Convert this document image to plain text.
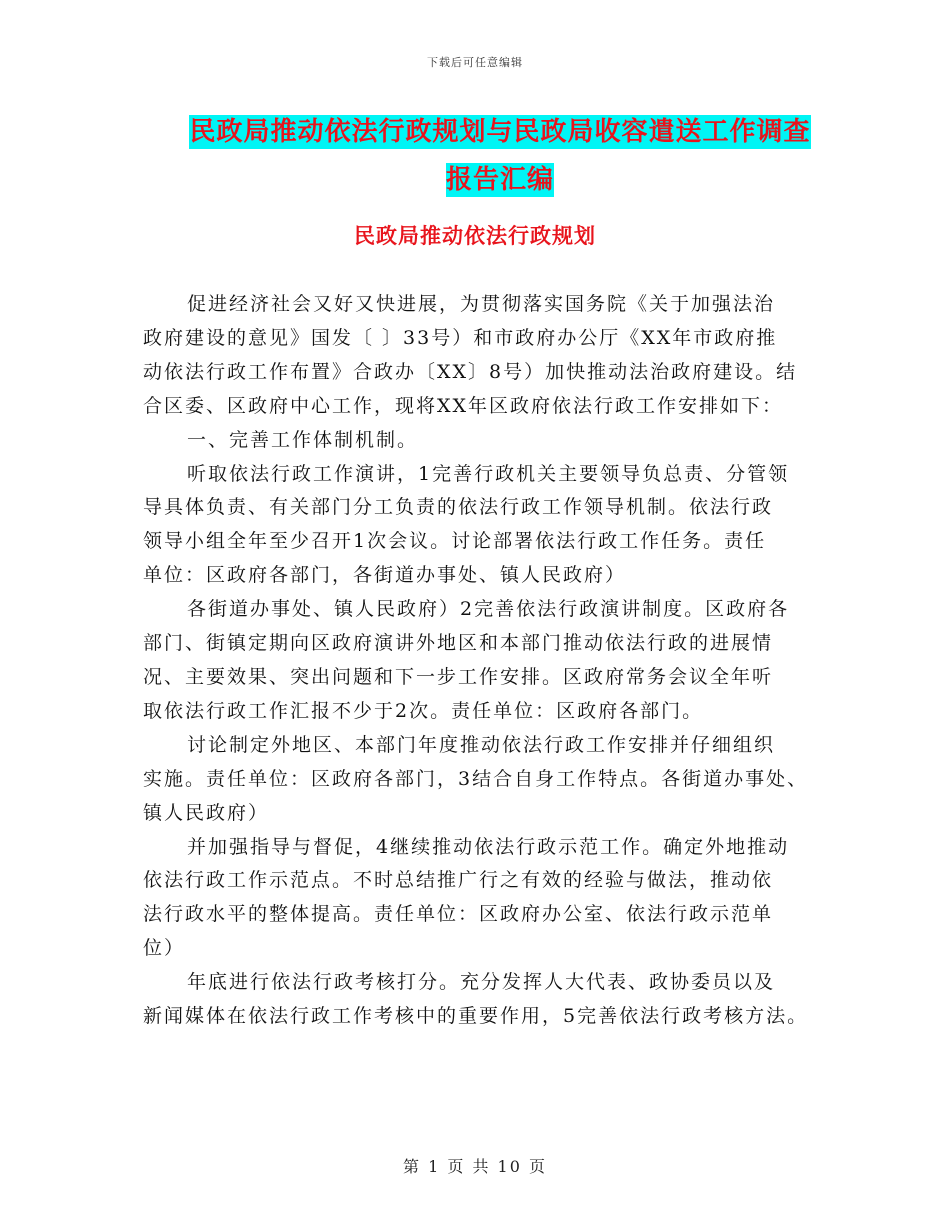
下载后可任意编辑
民政局推动依法行政规划与民政局收容遣送工作调查
报告汇编
民政局推动依法行政规划
促进经济社会又好又快进展，为贯彻落实国务院《关于加强法治
政府建设的意见》国发〔 〕33号）和市政府办公厅《XX年市政府推
动依法行政工作布置》合政办〔XX〕8号）加快推动法治政府建设。结
合区委、区政府中心工作，现将XX年区政府依法行政工作安排如下：
一、完善工作体制机制。
听取依法行政工作演讲，1完善行政机关主要领导负总责、分管领
导具体负责、有关部门分工负责的依法行政工作领导机制。依法行政
领导小组全年至少召开1次会议。讨论部署依法行政工作任务。责任
单位：区政府各部门，各街道办事处、镇人民政府）
各街道办事处、镇人民政府）2完善依法行政演讲制度。区政府各
部门、街镇定期向区政府演讲外地区和本部门推动依法行政的进展情
况、主要效果、突出问题和下一步工作安排。区政府常务会议全年听
取依法行政工作汇报不少于2次。责任单位：区政府各部门。
讨论制定外地区、本部门年度推动依法行政工作安排并仔细组织
实施。责任单位：区政府各部门，3结合自身工作特点。各街道办事处、
镇人民政府）
并加强指导与督促，4继续推动依法行政示范工作。确定外地推动
依法行政工作示范点。不时总结推广行之有效的经验与做法，推动依
法行政水平的整体提高。责任单位：区政府办公室、依法行政示范单
位）
年底进行依法行政考核打分。充分发挥人大代表、政协委员以及
新闻媒体在依法行政工作考核中的重要作用，5完善依法行政考核方法。
第 1 页 共 10 页
